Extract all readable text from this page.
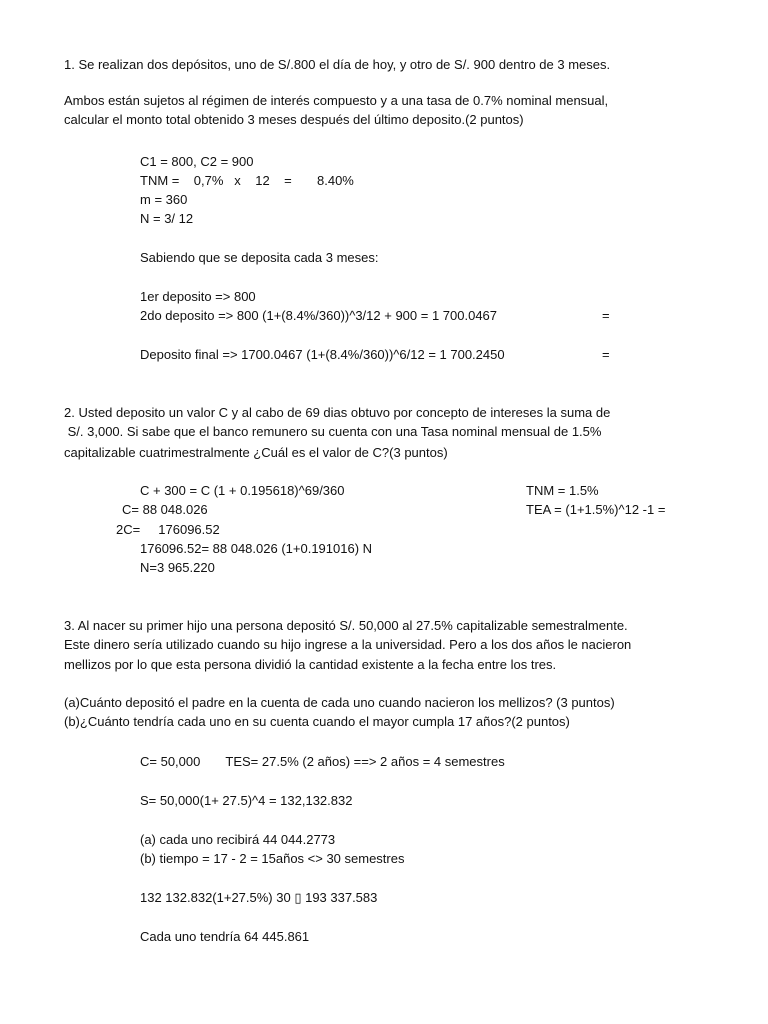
1. Se realizan dos depósitos, uno de S/.800 el día de hoy, y otro de S/. 900 dentro de 3 meses.
Ambos están sujetos al régimen de interés compuesto y a una tasa de 0.7% nominal mensual,
calcular el monto total obtenido 3 meses después del último deposito.(2 puntos)
C1 = 800, C2 = 900
TNM =    0,7%   x    12    =       8.40%
m = 360
N = 3/ 12
Sabiendo que se deposita cada 3 meses:
1er deposito => 800
2do deposito => 800 (1+(8.4%/360))^3/12 + 900 = 1 700.0467	=
Deposito final => 1700.0467 (1+(8.4%/360))^6/12 = 1 700.2450	=
2. Usted deposito un valor C y al cabo de 69 dias obtuvo por concepto de intereses la suma de
S/. 3,000. Si sabe que el banco remunero su cuenta con una Tasa nominal mensual de 1.5%
capitalizable cuatrimestralmente ¿Cuál es el valor de C?(3 puntos)
C + 300 = C (1 + 0.195618)^69/360	TNM = 1.5%
C= 88 048.026	TEA = (1+1.5%)^12 -1 =
2C=     176096.52
176096.52= 88 048.026 (1+0.191016) N
N=3 965.220
3. Al nacer su primer hijo una persona depositó S/. 50,000 al 27.5% capitalizable semestralmente.
Este dinero sería utilizado cuando su hijo ingrese a la universidad. Pero a los dos años le nacieron
mellizos por lo que esta persona dividió la cantidad existente a la fecha entre los tres.
(a)Cuánto depositó el padre en la cuenta de cada uno cuando nacieron los mellizos? (3 puntos)
(b)¿Cuánto tendría cada uno en su cuenta cuando el mayor cumpla 17 años?(2 puntos)
C= 50,000       TES= 27.5% (2 años) ==> 2 años = 4 semestres
S= 50,000(1+ 27.5)^4 = 132,132.832
(a) cada uno recibirá 44 044.2773
(b) tiempo = 17 - 2 = 15años <> 30 semestres
132 132.832(1+27.5%) 30 ▯ 193 337.583
Cada uno tendría 64 445.861
